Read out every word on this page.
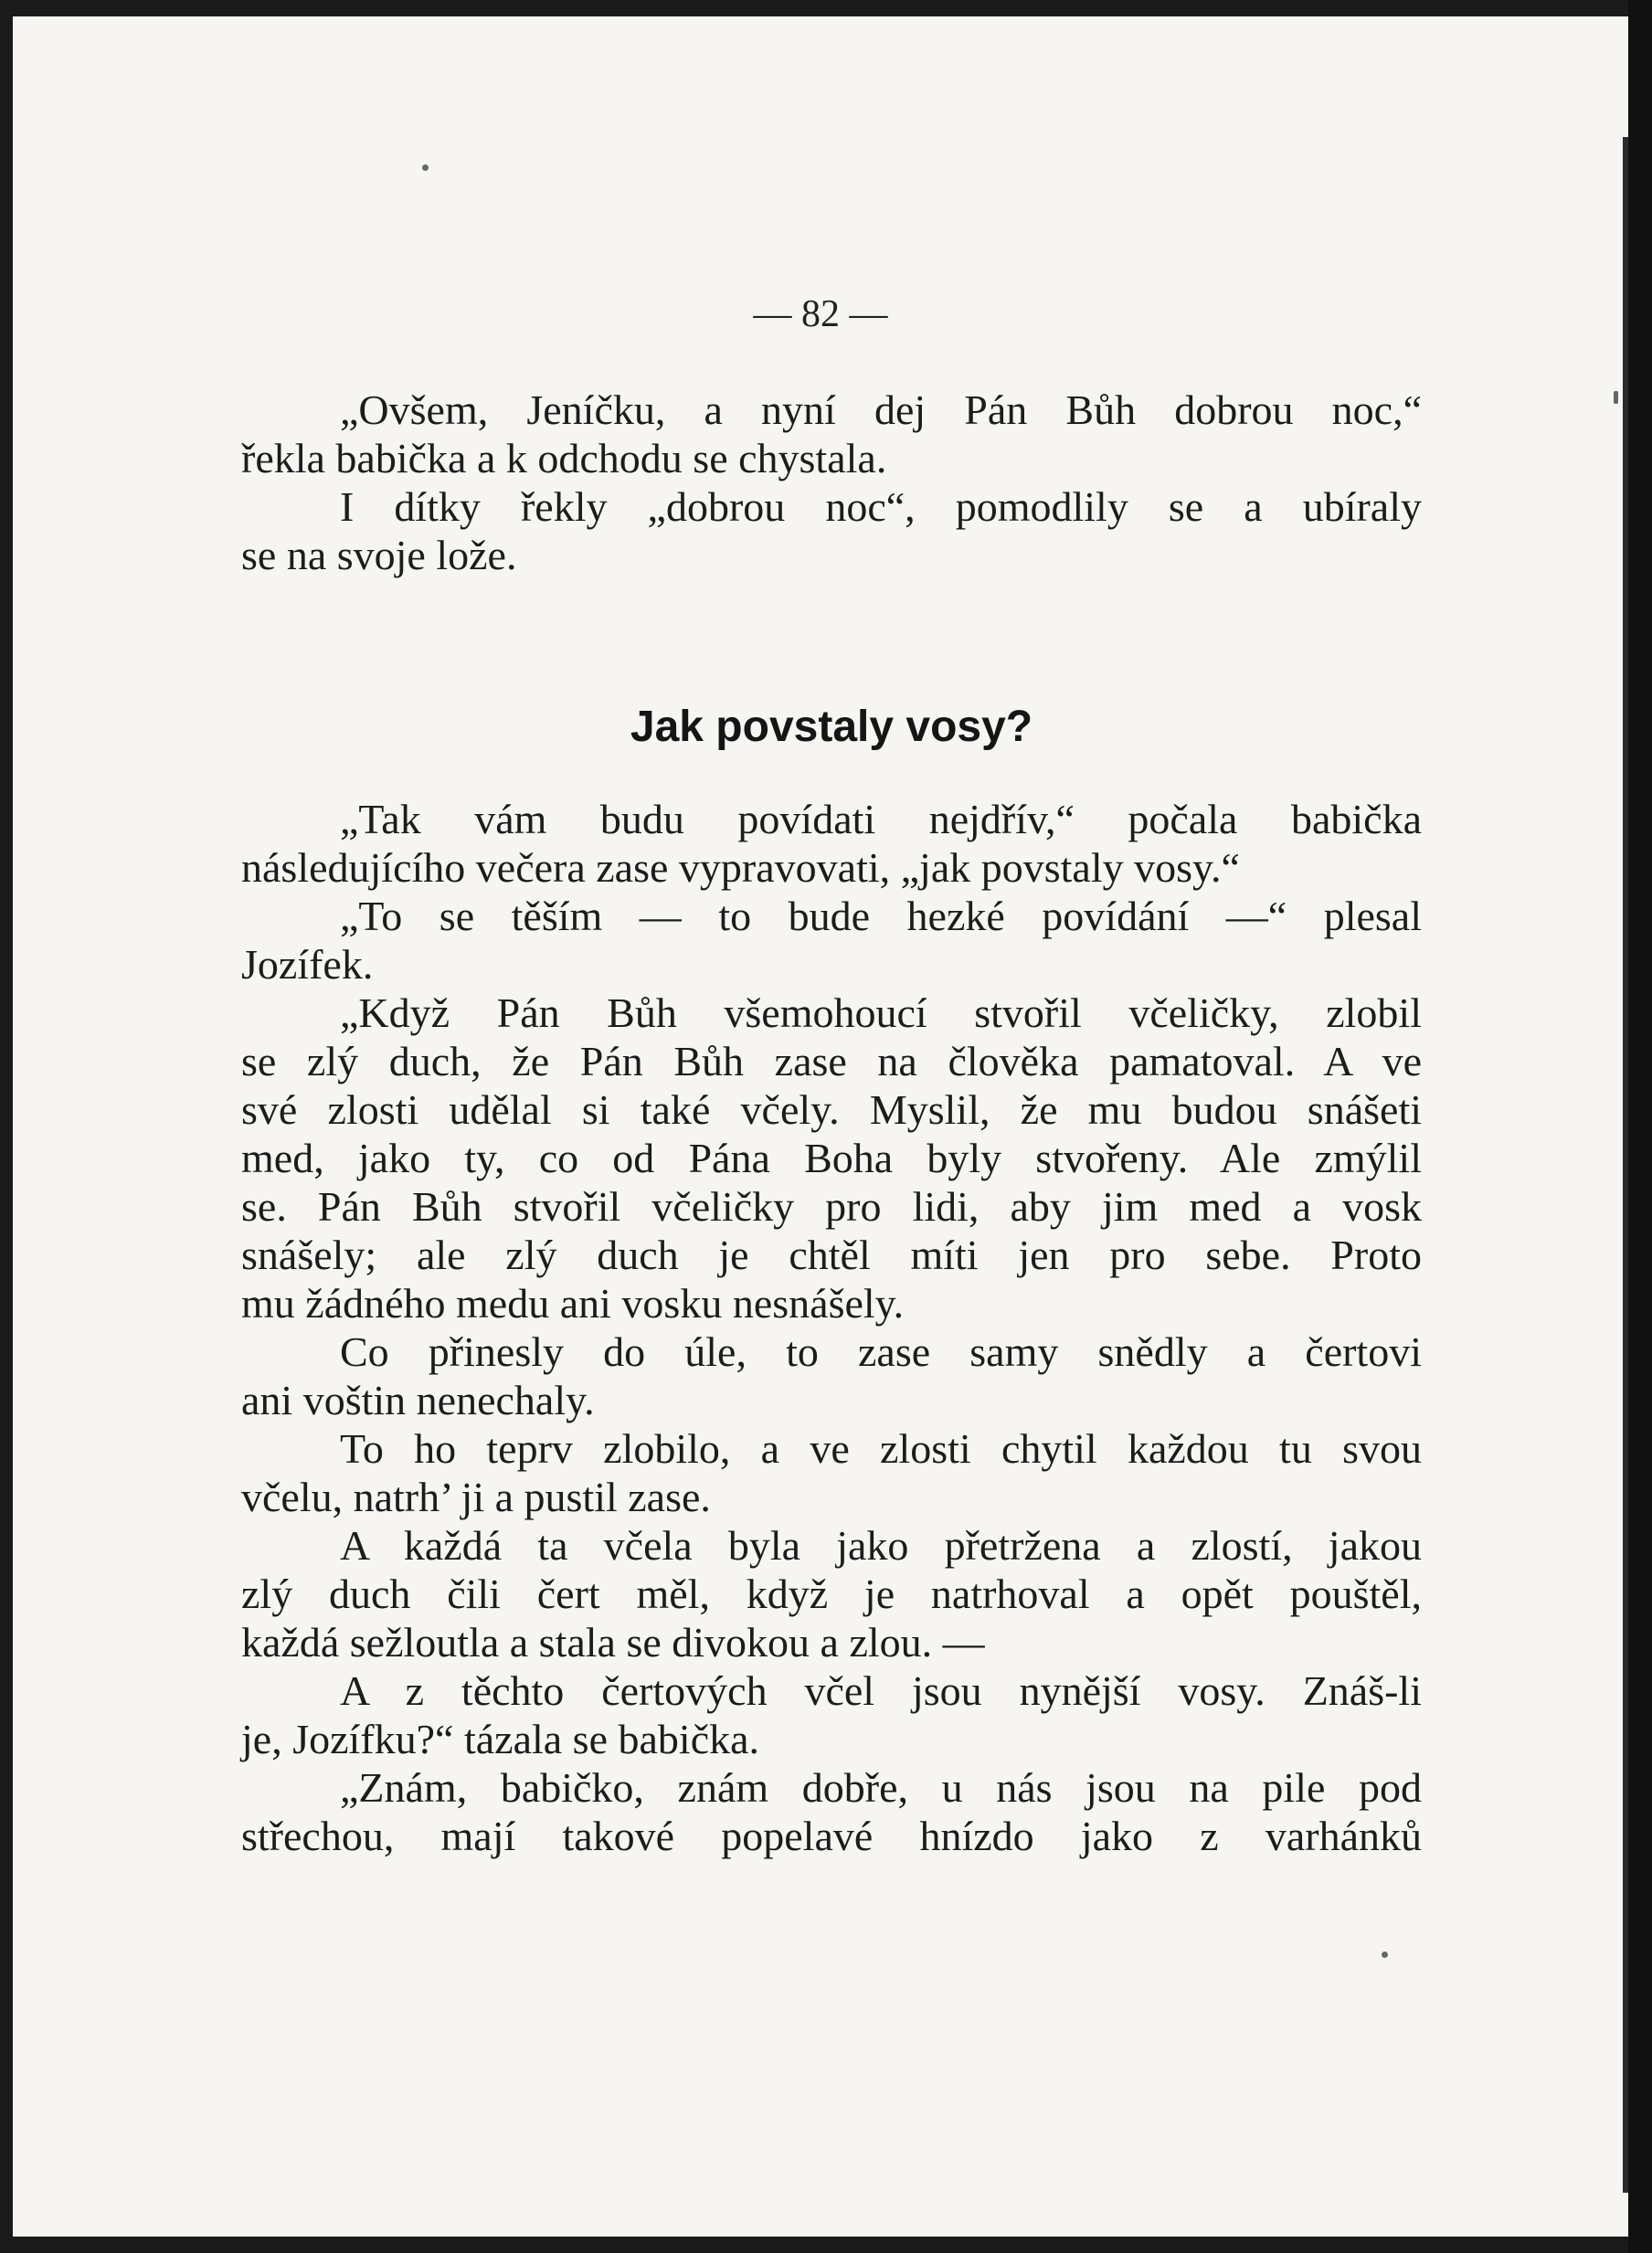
— 82 —
„Ovšem, Jeníčku, a nyní dej Pán Bůh dobrou noc,“
řekla babička a k odchodu se chystala.
I dítky řekly „dobrou noc“, pomodlily se a ubíraly
se na svoje lože.
Jak povstaly vosy?
„Tak vám budu povídati nejdřív,“ počala babička
následujícího večera zase vypravovati, „jak povstaly vosy.“
„To se těším — to bude hezké povídání —“ plesal
Jozífek.
„Když Pán Bůh všemohoucí stvořil včeličky, zlobil
se zlý duch, že Pán Bůh zase na člověka pamatoval. A ve
své zlosti udělal si také včely. Myslil, že mu budou snášeti
med, jako ty, co od Pána Boha byly stvořeny. Ale zmýlil
se. Pán Bůh stvořil včeličky pro lidi, aby jim med a vosk
snášely; ale zlý duch je chtěl míti jen pro sebe. Proto
mu žádného medu ani vosku nesnášely.
Co přinesly do úle, to zase samy snědly a čertovi
ani voštin nenechaly.
To ho teprv zlobilo, a ve zlosti chytil každou tu svou
včelu, natrh’ ji a pustil zase.
A každá ta včela byla jako přetržena a zlostí, jakou
zlý duch čili čert měl, když je natrhoval a opět pouštěl,
každá sežloutla a stala se divokou a zlou. —
A z těchto čertových včel jsou nynější vosy. Znáš-li
je, Jozífku?“ tázala se babička.
„Znám, babičko, znám dobře, u nás jsou na pile pod
střechou, mají takové popelavé hnízdo jako z varhánků
